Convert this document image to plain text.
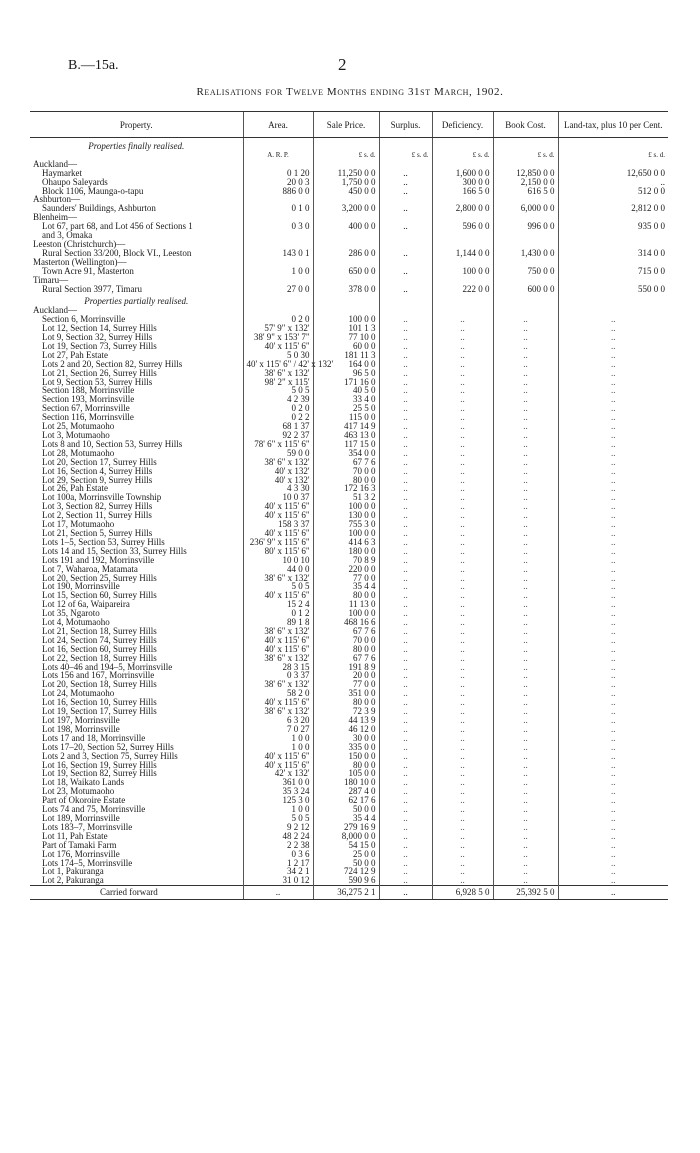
B.—15a.	2
Realisations for Twelve Months ending 31st March, 1902.
Property.	Area.	Sale Price.	Surplus.	Deficiency.	Book Cost.	Land-tax, plus 10 per Cent.
Properties finally realised.						
	A. R. P.	£ s. d.	£ s. d.	£ s. d.	£ s. d.	£ s. d.
Auckland—						
Haymarket	0 1 20	11,250 0 0	..	1,600 0 0	12,850 0 0	12,650 0 0
Ohaupo Saleyards	20 0 3	1,750 0 0	..	300 0 0	2,150 0 0	..
Block 1106, Maunga-o-tapu	886 0 0	450 0 0	..	166 5 0	616 5 0	512 0 0
Ashburton—						
Saunders' Buildings, Ashburton	0 1 0	3,200 0 0	..	2,800 0 0	6,000 0 0	2,812 0 0
Blenheim—						
Lot 67, part 68, and Lot 456 of Sections 1	0 3 0	400 0 0	..	596 0 0	996 0 0	935 0 0
and 3, Omaka						
Leeston (Christchurch)—						
Rural Section 33/200, Block VI., Leeston	143 0 1	286 0 0	..	1,144 0 0	1,430 0 0	314 0 0
Masterton (Wellington)—						
Town Acre 91, Masterton	1 0 0	650 0 0	..	100 0 0	750 0 0	715 0 0
Timaru—						
Rural Section 3977, Timaru	27 0 0	378 0 0	..	222 0 0	600 0 0	550 0 0
Properties partially realised.						
Auckland—						
Section 6, Morrinsville	0 2 0	100 0 0	..	..	..	..
Lot 12, Section 14, Surrey Hills	57' 9" x 132'	101 1 3	..	..	..	..
Lot 9, Section 32, Surrey Hills	38' 9" x 153' 7"	77 10 0	..	..	..	..
Lot 19, Section 73, Surrey Hills	40' x 115' 6"	60 0 0	..	..	..	..
Lot 27, Pah Estate	5 0 30	181 11 3	..	..	..	..
Lots 2 and 20, Section 82, Surrey Hills	40' x 115' 6" / 42' x 132'	164 0 0	..	..	..	..
Lot 21, Section 26, Surrey Hills	38' 6" x 132'	96 5 0	..	..	..	..
Lot 9, Section 53, Surrey Hills	98' 2" x 115'	171 16 0	..	..	..	..
Section 188, Morrinsville	5 0 5	40 5 0	..	..	..	..
Section 193, Morrinsville	4 2 39	33 4 0	..	..	..	..
Section 67, Morrinsville	0 2 0	25 5 0	..	..	..	..
Section 116, Morrinsville	0 2 2	115 0 0	..	..	..	..
Lot 25, Motumaoho	68 1 37	417 14 9	..	..	..	..
Lot 3, Motumaoho	92 2 37	463 13 0	..	..	..	..
Lots 8 and 10, Section 53, Surrey Hills	78' 6" x 115' 6"	117 15 0	..	..	..	..
Lot 28, Motumaoho	59 0 0	354 0 0	..	..	..	..
Lot 20, Section 17, Surrey Hills	38' 6" x 132'	67 7 6	..	..	..	..
Lot 16, Section 4, Surrey Hills	40' x 132'	70 0 0	..	..	..	..
Lot 29, Section 9, Surrey Hills	40' x 132'	80 0 0	..	..	..	..
Lot 26, Pah Estate	4 3 30	172 16 3	..	..	..	..
Lot 100a, Morrinsville Township	10 0 37	51 3 2	..	..	..	..
Lot 3, Section 82, Surrey Hills	40' x 115' 6"	100 0 0	..	..	..	..
Lot 2, Section 11, Surrey Hills	40' x 115' 6"	130 0 0	..	..	..	..
Lot 17, Motumaoho	158 3 37	755 3 0	..	..	..	..
Lot 21, Section 5, Surrey Hills	40' x 115' 6"	100 0 0	..	..	..	..
Lots 1–5, Section 53, Surrey Hills	236' 9" x 115' 6"	414 6 3	..	..	..	..
Lots 14 and 15, Section 33, Surrey Hills	80' x 115' 6"	180 0 0	..	..	..	..
Lots 191 and 192, Morrinsville	10 0 10	70 8 9	..	..	..	..
Lot 7, Waharoa, Matamata	44 0 0	220 0 0	..	..	..	..
Lot 20, Section 25, Surrey Hills	38' 6" x 132'	77 0 0	..	..	..	..
Lot 190, Morrinsville	5 0 5	35 4 4	..	..	..	..
Lot 15, Section 60, Surrey Hills	40' x 115' 6"	80 0 0	..	..	..	..
Lot 12 of 6a, Waipareira	15 2 4	11 13 0	..	..	..	..
Lot 35, Ngaroto	0 1 2	100 0 0	..	..	..	..
Lot 4, Motumaoho	89 1 8	468 16 6	..	..	..	..
Lot 21, Section 18, Surrey Hills	38' 6" x 132'	67 7 6	..	..	..	..
Lot 24, Section 74, Surrey Hills	40' x 115' 6"	70 0 0	..	..	..	..
Lot 16, Section 60, Surrey Hills	40' x 115' 6"	80 0 0	..	..	..	..
Lot 22, Section 18, Surrey Hills	38' 6" x 132'	67 7 6	..	..	..	..
Lots 40–46 and 194–5, Morrinsville	28 3 15	191 8 9	..	..	..	..
Lots 156 and 167, Morrinsville	0 3 37	20 0 0	..	..	..	..
Lot 20, Section 18, Surrey Hills	38' 6" x 132'	77 0 0	..	..	..	..
Lot 24, Motumaoho	58 2 0	351 0 0	..	..	..	..
Lot 16, Section 10, Surrey Hills	40' x 115' 6"	80 0 0	..	..	..	..
Lot 19, Section 17, Surrey Hills	38' 6" x 132'	72 3 9	..	..	..	..
Lot 197, Morrinsville	6 3 20	44 13 9	..	..	..	..
Lot 198, Morrinsville	7 0 27	46 12 0	..	..	..	..
Lots 17 and 18, Morrinsville	1 0 0	30 0 0	..	..	..	..
Lots 17–20, Section 52, Surrey Hills	1 0 0	335 0 0	..	..	..	..
Lots 2 and 3, Section 75, Surrey Hills	40' x 115' 6"	150 0 0	..	..	..	..
Lot 16, Section 19, Surrey Hills	40' x 115' 6"	80 0 0	..	..	..	..
Lot 19, Section 82, Surrey Hills	42' x 132'	105 0 0	..	..	..	..
Lot 18, Waikato Lands	361 0 0	180 10 0	..	..	..	..
Lot 23, Motumaoho	35 3 24	287 4 0	..	..	..	..
Part of Okoroire Estate	125 3 0	62 17 6	..	..	..	..
Lots 74 and 75, Morrinsville	1 0 0	50 0 0	..	..	..	..
Lot 189, Morrinsville	5 0 5	35 4 4	..	..	..	..
Lots 183–7, Morrinsville	9 2 12	279 16 9	..	..	..	..
Lot 11, Pah Estate	48 2 24	8,000 0 0	..	..	..	..
Part of Tamaki Farm	2 2 38	54 15 0	..	..	..	..
Lot 176, Morrinsville	0 3 6	25 0 0	..	..	..	..
Lots 174–5, Morrinsville	1 2 17	50 0 0	..	..	..	..
Lot 1, Pakuranga	34 2 1	724 12 9	..	..	..	..
Lot 2, Pakuranga	31 0 12	590 9 6	..	..	..	..
Carried forward	..	36,275 2 1	..	6,928 5 0	25,392 5 0	..
